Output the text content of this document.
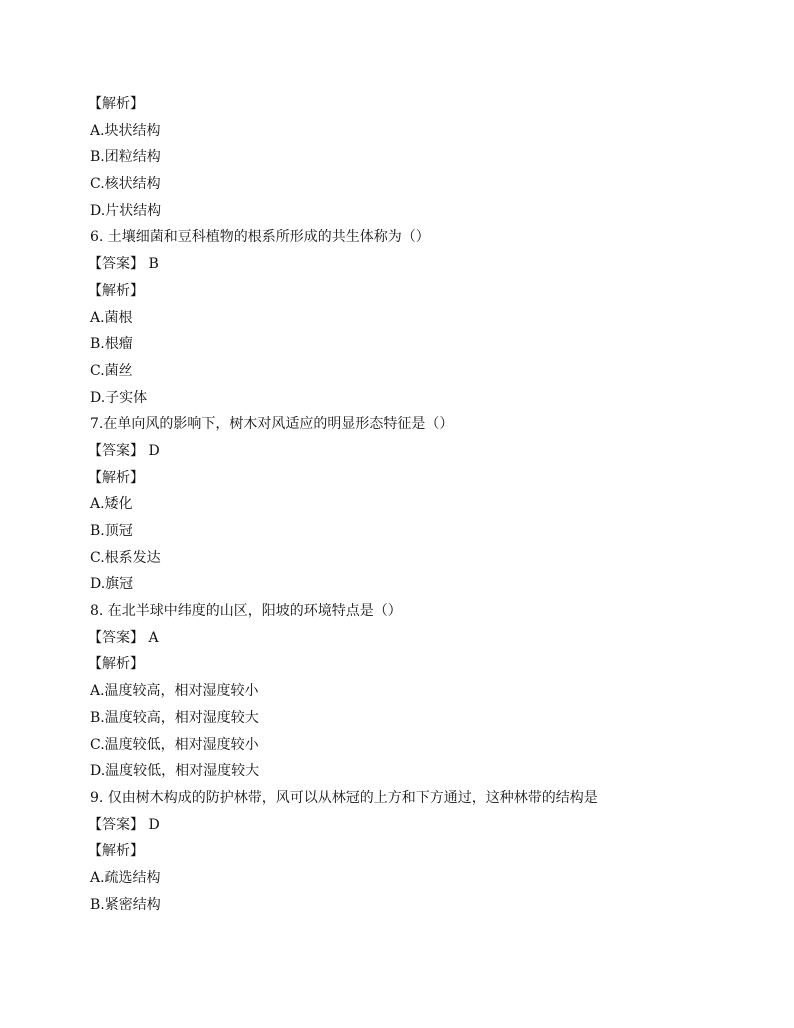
【解析】
A.块状结构
B.团粒结构
C.核状结构
D.片状结构
6. 土壤细菌和豆科植物的根系所形成的共生体称为（）
【答案】 B
【解析】
A.菌根
B.根瘤
C.菌丝
D.子实体
7.在单向风的影响下，树木对风适应的明显形态特征是（）
【答案】 D
【解析】
A.矮化
B.顶冠
C.根系发达
D.旗冠
8. 在北半球中纬度的山区，阳坡的环境特点是（）
【答案】 A
【解析】
A.温度较高，相对湿度较小
B.温度较高，相对湿度较大
C.温度较低，相对湿度较小
D.温度较低，相对湿度较大
9. 仅由树木构成的防护林带，风可以从林冠的上方和下方通过，这种林带的结构是
【答案】 D
【解析】
A.疏选结构
B.紧密结构
